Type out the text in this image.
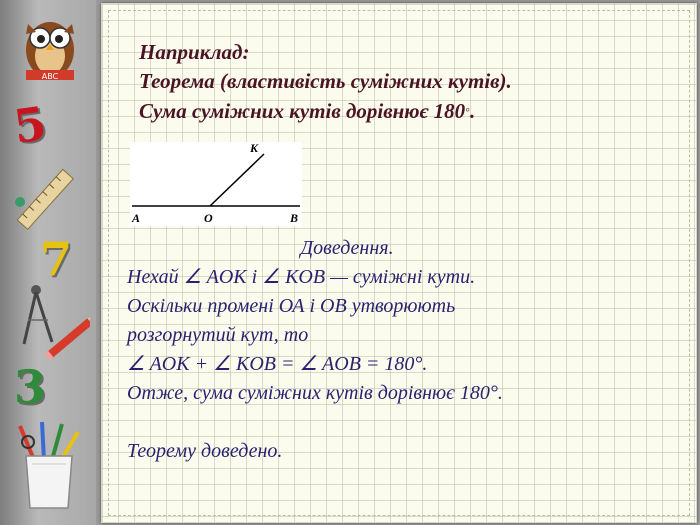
ABC
5
7
3
Наприклад:
Теорема (властивість суміжних кутів).
Сума суміжних кутів дорівнює 180◦.
K
A	O	B
Доведення.
Нехай ∠ AOK і ∠ KOB — суміжні кути.
Оскільки промені ОА і ОВ утворюють
розгорнутий кут, то
∠ AOK + ∠ KOB = ∠ AOB = 180°.
Отже, сума суміжних кутів дорівнює 180°.
Теорему доведено.
